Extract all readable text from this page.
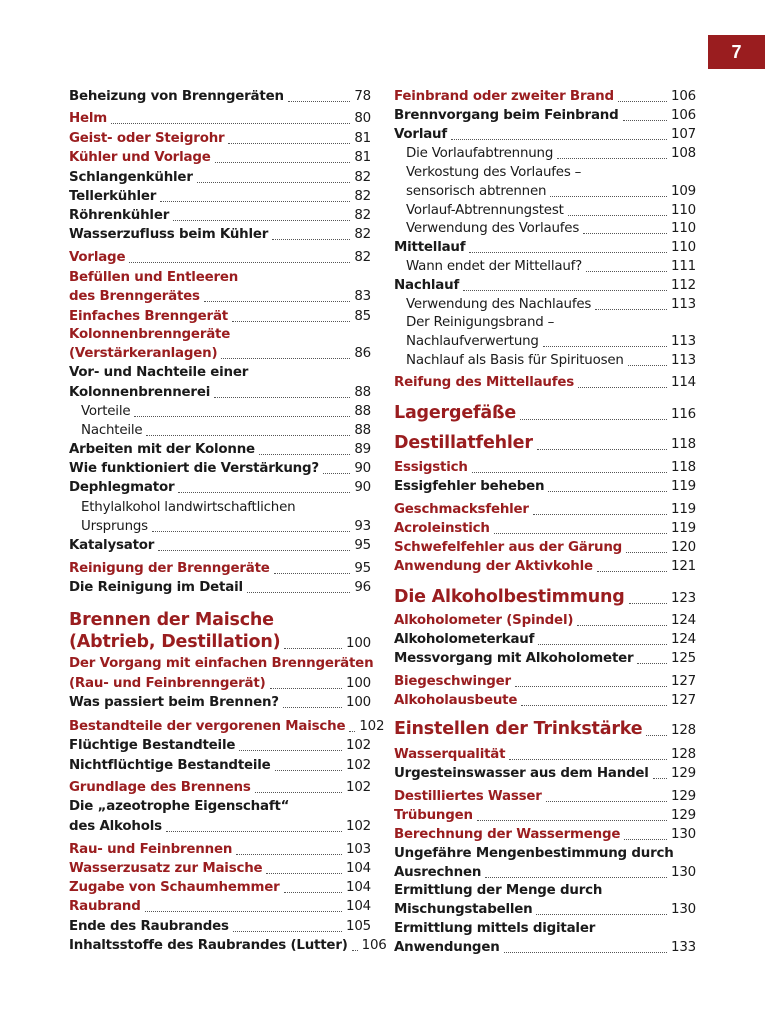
7
Beheizung von Brenngeräten	78
Helm	80
Geist- oder Steigrohr	81
Kühler und Vorlage	81
Schlangenkühler	82
Tellerkühler	82
Röhrenkühler	82
Wasserzufluss beim Kühler	82
Vorlage	82
Befüllen und Entleeren
des Brenngerätes	83
Einfaches Brenngerät	85
Kolonnenbrenngeräte
(Verstärkeranlagen)	86
Vor- und Nachteile einer
Kolonnenbrennerei	88
Vorteile	88
Nachteile	88
Arbeiten mit der Kolonne	89
Wie funktioniert die Verstärkung?	90
Dephlegmator	90
Ethylalkohol landwirtschaftlichen
Ursprungs	93
Katalysator	95
Reinigung der Brenngeräte	95
Die Reinigung im Detail	96
Brennen der Maische
(Abtrieb, Destillation)	100
Der Vorgang mit einfachen Brenngeräten
(Rau- und Feinbrenngerät)	100
Was passiert beim Brennen?	100
Bestandteile der vergorenen Maische 102
Flüchtige Bestandteile	102
Nichtflüchtige Bestandteile	102
Grundlage des Brennens	102
Die „azeotrophe Eigenschaft“
des Alkohols	102
Rau- und Feinbrennen	103
Wasserzusatz zur Maische	104
Zugabe von Schaumhemmer	104
Raubrand	104
Ende des Raubrandes	105
Inhaltsstoffe des Raubrandes (Lutter) 106
Feinbrand oder zweiter Brand	106
Brennvorgang beim Feinbrand	106
Vorlauf	107
Die Vorlaufabtrennung	108
Verkostung des Vorlaufes –
sensorisch abtrennen	109
Vorlauf-Abtrennungstest	110
Verwendung des Vorlaufes	110
Mittellauf	110
Wann endet der Mittellauf?	111
Nachlauf	112
Verwendung des Nachlaufes	113
Der Reinigungsbrand –
Nachlaufverwertung	113
Nachlauf als Basis für Spirituosen	113
Reifung des Mittellaufes	114
Lagergefäße	116
Destillatfehler	118
Essigstich	118
Essigfehler beheben	119
Geschmacksfehler	119
Acroleinstich	119
Schwefelfehler aus der Gärung	120
Anwendung der Aktivkohle	121
Die Alkoholbestimmung	123
Alkoholometer (Spindel)	124
Alkoholometerkauf	124
Messvorgang mit Alkoholometer	125
Biegeschwinger	127
Alkoholausbeute	127
Einstellen der Trinkstärke 128
Wasserqualität	128
Urgesteinswasser aus dem Handel 129
Destilliertes Wasser	129
Trübungen	129
Berechnung der Wassermenge	130
Ungefähre Mengenbestimmung durch
Ausrechnen	130
Ermittlung der Menge durch
Mischungstabellen	130
Ermittlung mittels digitaler
Anwendungen	133
